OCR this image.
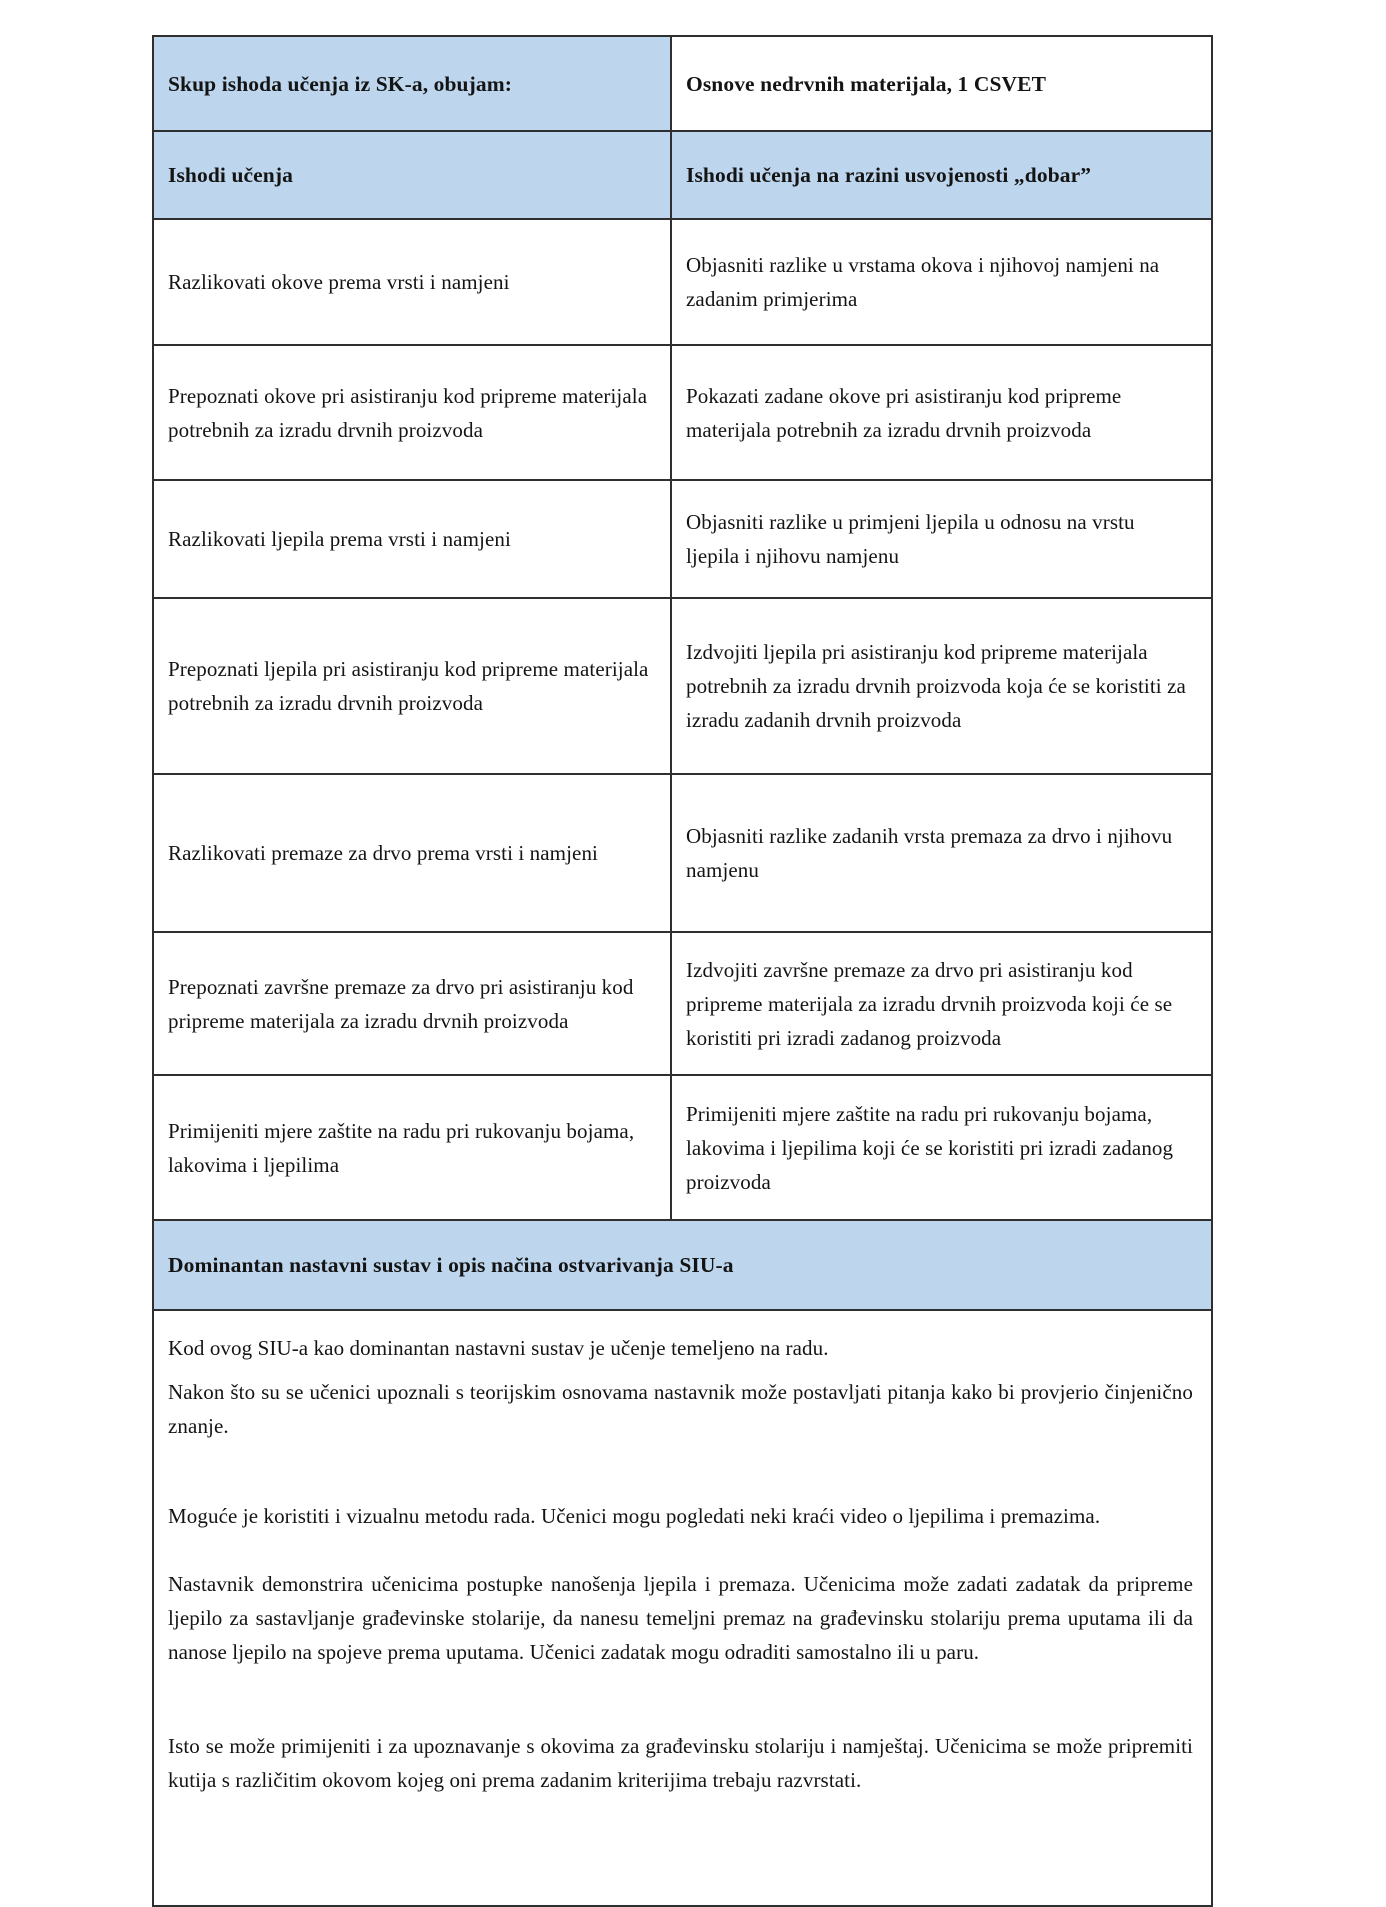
Skup ishoda učenja iz SK-a, obujam:	Osnove nedrvnih materijala, 1 CSVET
Ishodi učenja	Ishodi učenja na razini usvojenosti „dobar”
Razlikovati okove prema vrsti i namjeni	Objasniti razlike u vrstama okova i njihovoj namjeni na zadanim primjerima
Prepoznati okove pri asistiranju kod pripreme materijala potrebnih za izradu drvnih proizvoda	Pokazati zadane okove pri asistiranju kod pripreme materijala potrebnih za izradu drvnih proizvoda
Razlikovati ljepila prema vrsti i namjeni	Objasniti razlike u primjeni ljepila u odnosu na vrstu ljepila i njihovu namjenu
Prepoznati ljepila pri asistiranju kod pripreme materijala potrebnih za izradu drvnih proizvoda	Izdvojiti ljepila pri asistiranju kod pripreme materijala potrebnih za izradu drvnih proizvoda koja će se koristiti za izradu zadanih drvnih proizvoda
Razlikovati premaze za drvo prema vrsti i namjeni	Objasniti razlike zadanih vrsta premaza za drvo i njihovu namjenu
Prepoznati završne premaze za drvo pri asistiranju kod pripreme materijala za izradu drvnih proizvoda	Izdvojiti završne premaze za drvo pri asistiranju kod pripreme materijala za izradu drvnih proizvoda koji će se koristiti pri izradi zadanog proizvoda
Primijeniti mjere zaštite na radu pri rukovanju bojama, lakovima i ljepilima	Primijeniti mjere zaštite na radu pri rukovanju bojama, lakovima i ljepilima koji će se koristiti pri izradi zadanog proizvoda
Dominantan nastavni sustav i opis načina ostvarivanja SIU-a	

Kod ovog SIU-a kao dominantan nastavni sustav je učenje temeljeno na radu.

Nakon što su se učenici upoznali s teorijskim osnovama nastavnik može postavljati pitanja kako bi provjerio činjenično znanje.

Moguće je koristiti i vizualnu metodu rada. Učenici mogu pogledati neki kraći video o ljepilima i premazima.

Nastavnik demonstrira učenicima postupke nanošenja ljepila i premaza. Učenicima može zadati zadatak da pripreme ljepilo za sastavljanje građevinske stolarije, da nanesu temeljni premaz na građevinsku stolariju prema uputama ili da nanose ljepilo na spojeve prema uputama. Učenici zadatak mogu odraditi samostalno ili u paru.

Isto se može primijeniti i za upoznavanje s okovima za građevinsku stolariju i namještaj. Učenicima se može pripremiti kutija s različitim okovom kojeg oni prema zadanim kriterijima trebaju razvrstati.	
